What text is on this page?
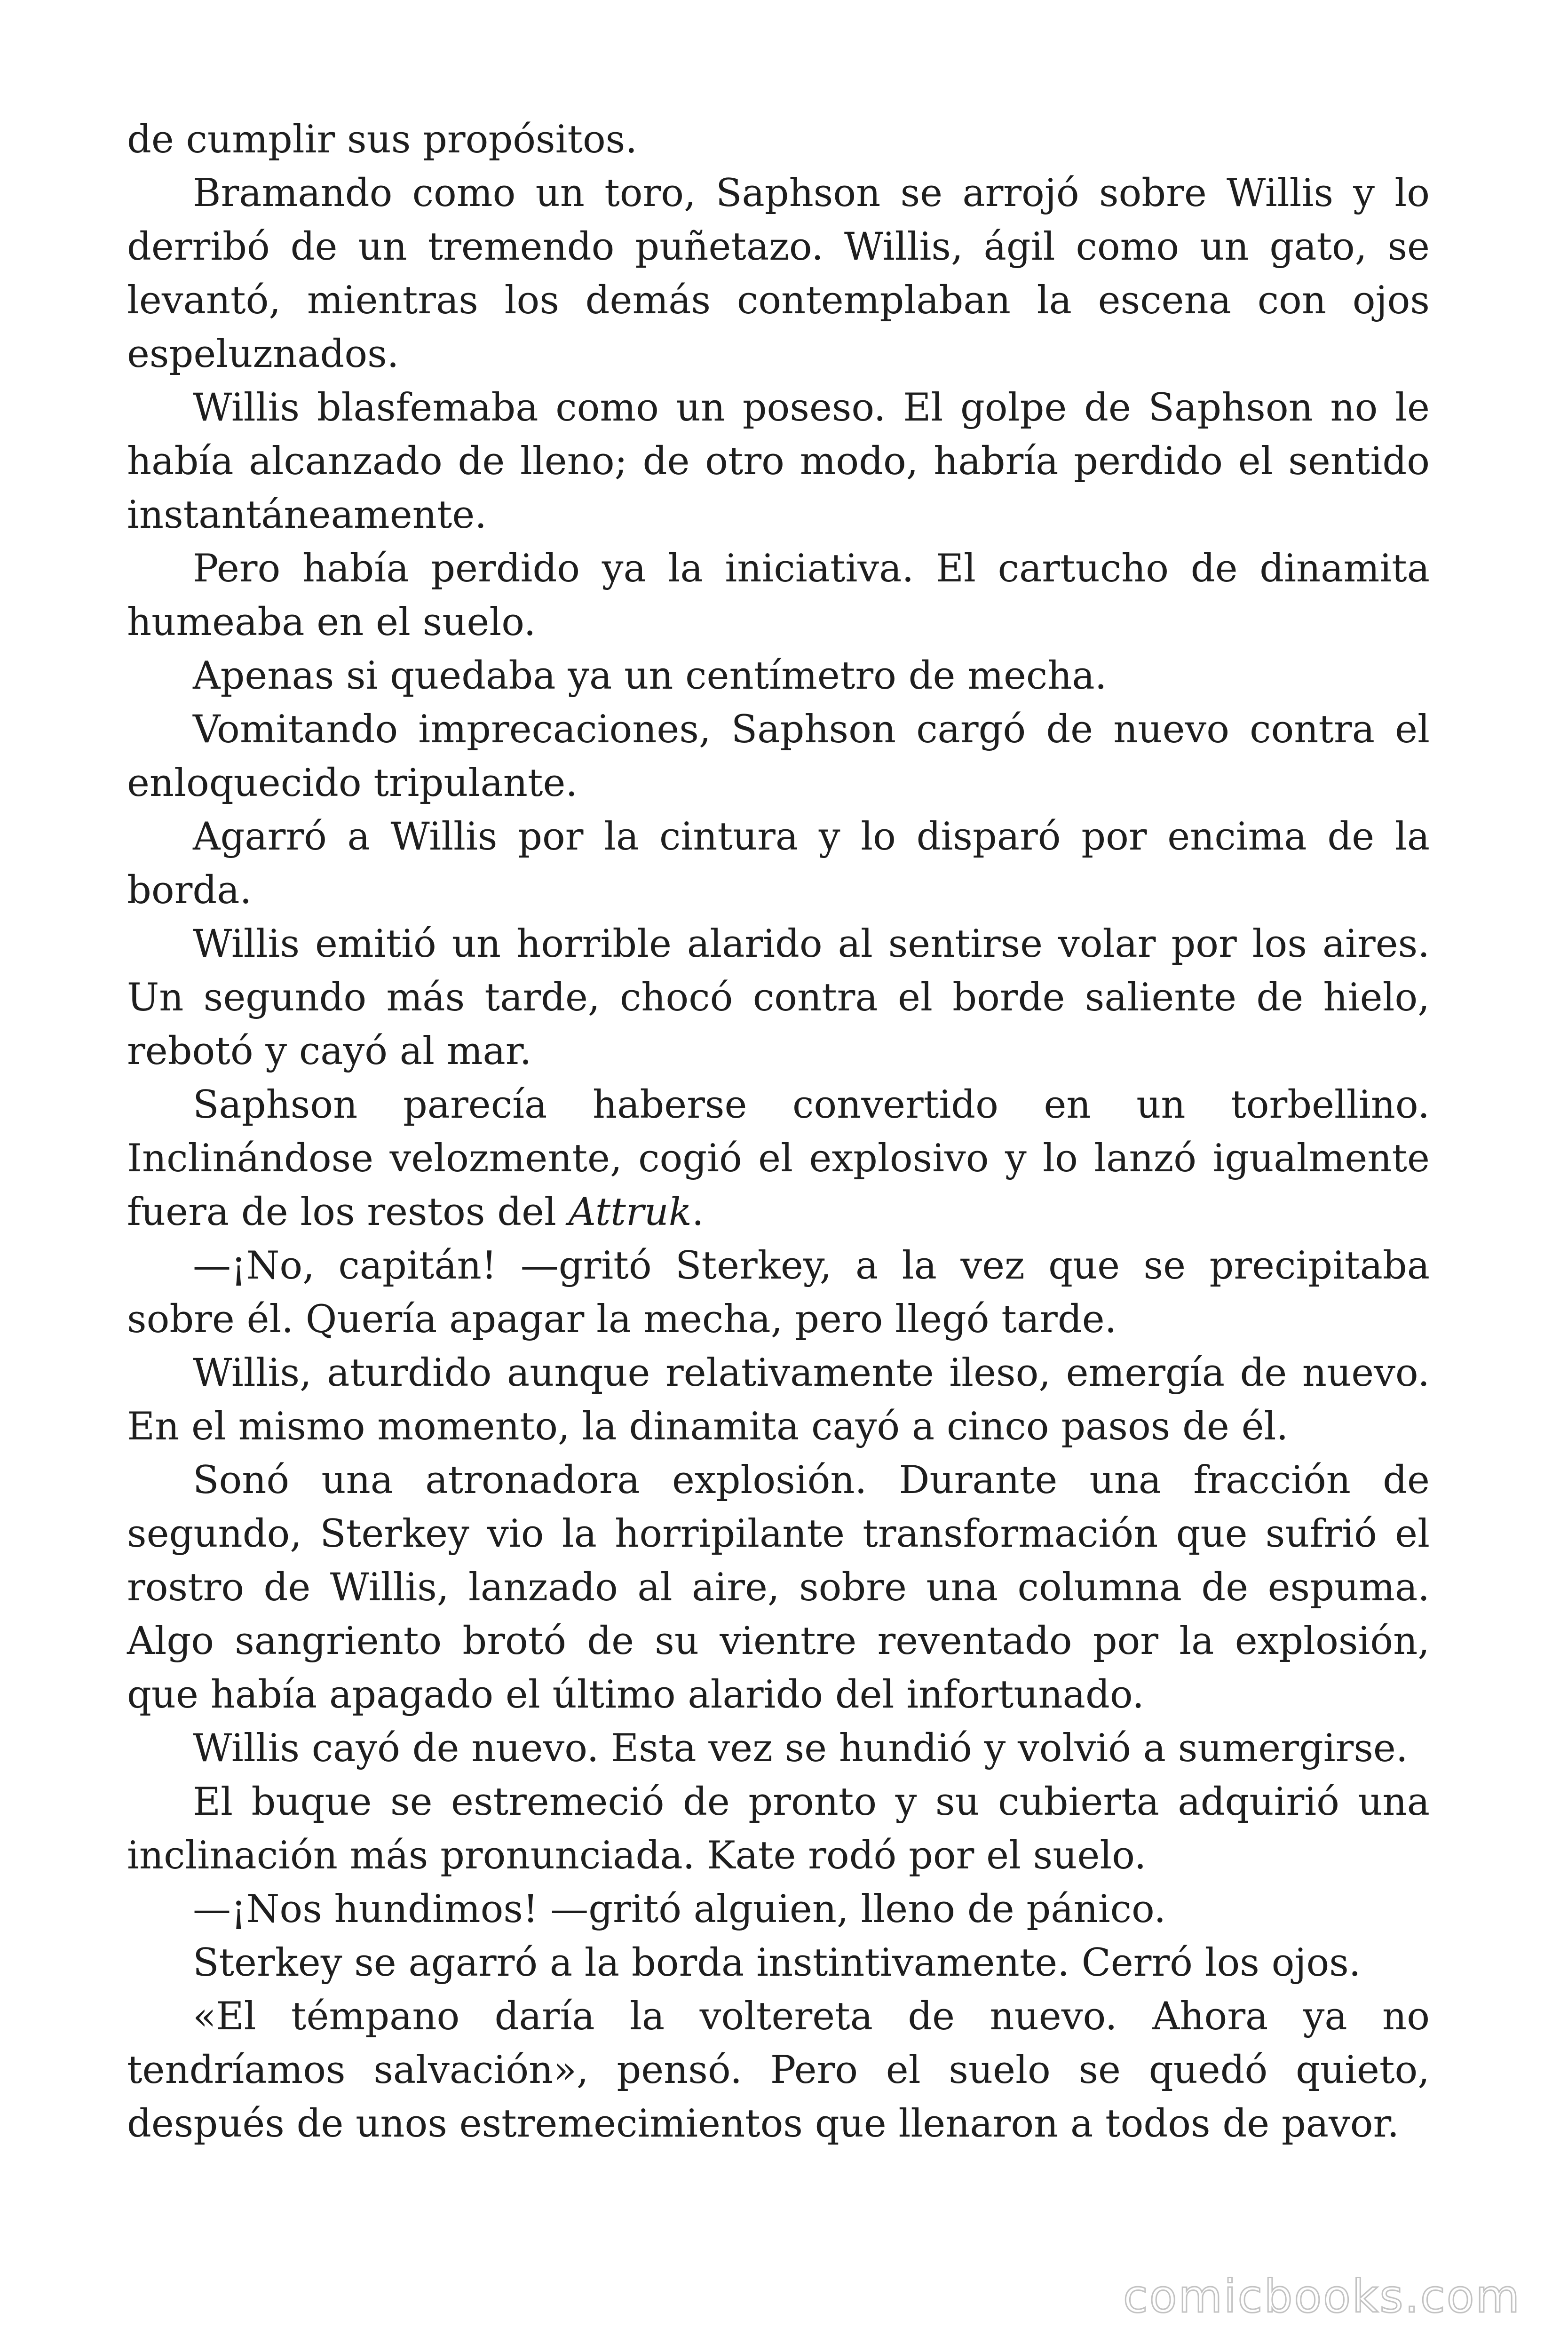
de cumplir sus propósitos.

Bramando como un toro, Saphson se arrojó sobre Willis y lo derribó de un tremendo puñetazo. Willis, ágil como un gato, se levantó, mientras los demás contemplaban la escena con ojos espeluznados.

Willis blasfemaba como un poseso. El golpe de Saphson no le había alcanzado de lleno; de otro modo, habría perdido el sentido instantáneamente.

Pero había perdido ya la iniciativa. El cartucho de dinamita humeaba en el suelo.

Apenas si quedaba ya un centímetro de mecha.

Vomitando imprecaciones, Saphson cargó de nuevo contra el enloquecido tripulante.

Agarró a Willis por la cintura y lo disparó por encima de la borda.

Willis emitió un horrible alarido al sentirse volar por los aires. Un segundo más tarde, chocó contra el borde saliente de hielo, rebotó y cayó al mar.

Saphson parecía haberse convertido en un torbellino. Inclinándose velozmente, cogió el explosivo y lo lanzó igualmente fuera de los restos del Attruk.

—¡No, capitán! —gritó Sterkey, a la vez que se precipitaba sobre él. Quería apagar la mecha, pero llegó tarde.

Willis, aturdido aunque relativamente ileso, emergía de nuevo. En el mismo momento, la dinamita cayó a cinco pasos de él.

Sonó una atronadora explosión. Durante una fracción de segundo, Sterkey vio la horripilante transformación que sufrió el rostro de Willis, lanzado al aire, sobre una columna de espuma. Algo sangriento brotó de su vientre reventado por la explosión, que había apagado el último alarido del infortunado.

Willis cayó de nuevo. Esta vez se hundió y volvió a sumergirse.

El buque se estremeció de pronto y su cubierta adquirió una inclinación más pronunciada. Kate rodó por el suelo.

—¡Nos hundimos! —gritó alguien, lleno de pánico.

Sterkey se agarró a la borda instintivamente. Cerró los ojos.

«El témpano daría la voltereta de nuevo. Ahora ya no tendríamos salvación», pensó. Pero el suelo se quedó quieto, después de unos estremecimientos que llenaron a todos de pavor.

comicbooks.com
